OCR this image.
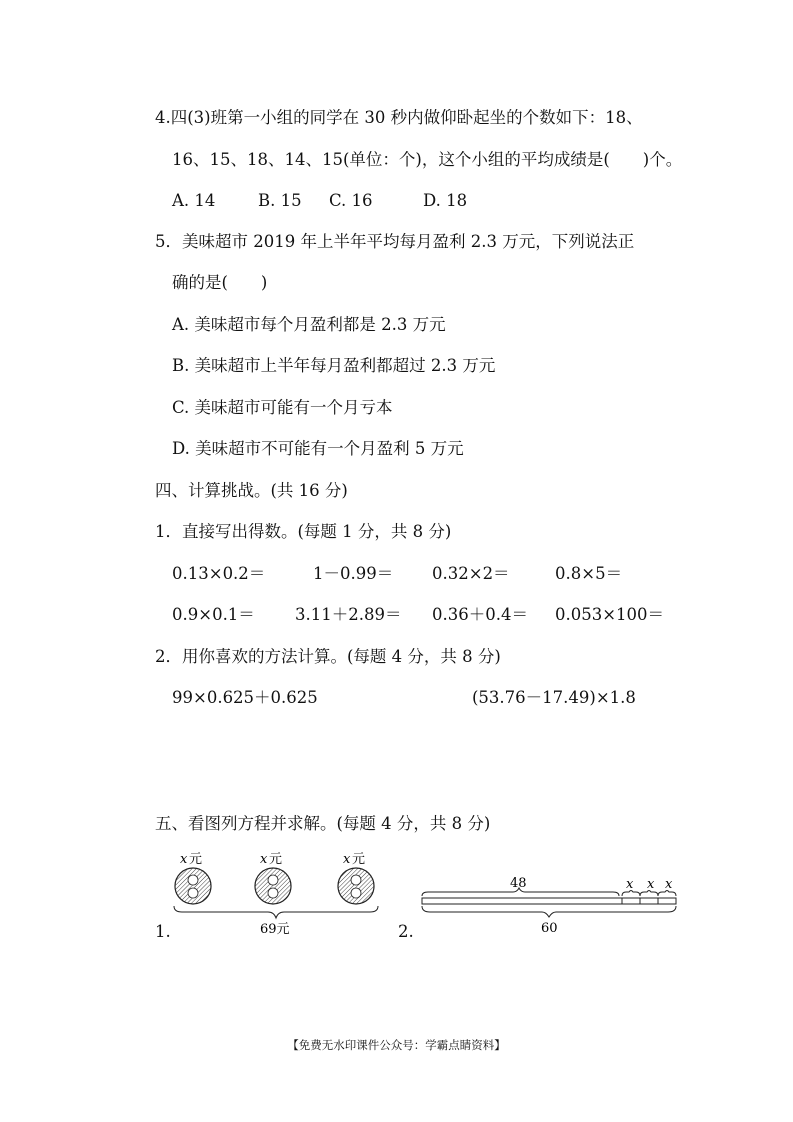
4.四(3)班第一小组的同学在 30 秒内做仰卧起坐的个数如下：18、
16、15、18、14、15(单位：个)，这个小组的平均成绩是(　　)个。
A. 14	B. 15 C. 16	D. 18
5．美味超市 2019 年上半年平均每月盈利 2.3 万元，下列说法正
确的是(　　)
A. 美味超市每个月盈利都是 2.3 万元
B. 美味超市上半年每月盈利都超过 2.3 万元
C. 美味超市可能有一个月亏本
D. 美味超市不可能有一个月盈利 5 万元
四、计算挑战。(共 16 分)
1．直接写出得数。(每题 1 分，共 8 分)
0.13×0.2＝	1－0.99＝ 0.32×2＝	0.8×5＝
0.9×0.1＝ 3.11＋2.89＝ 0.36＋0.4＝ 0.053×100＝
2．用你喜欢的方法计算。(每题 4 分，共 8 分)
99×0.625＋0.625	(53.76－17.49)×1.8
五、看图列方程并求解。(每题 4 分，共 8 分)
1.	2.
x 元	x 元	x 元
69元
48	x x x
60
【免费无水印课件公众号：学霸点睛资料】
